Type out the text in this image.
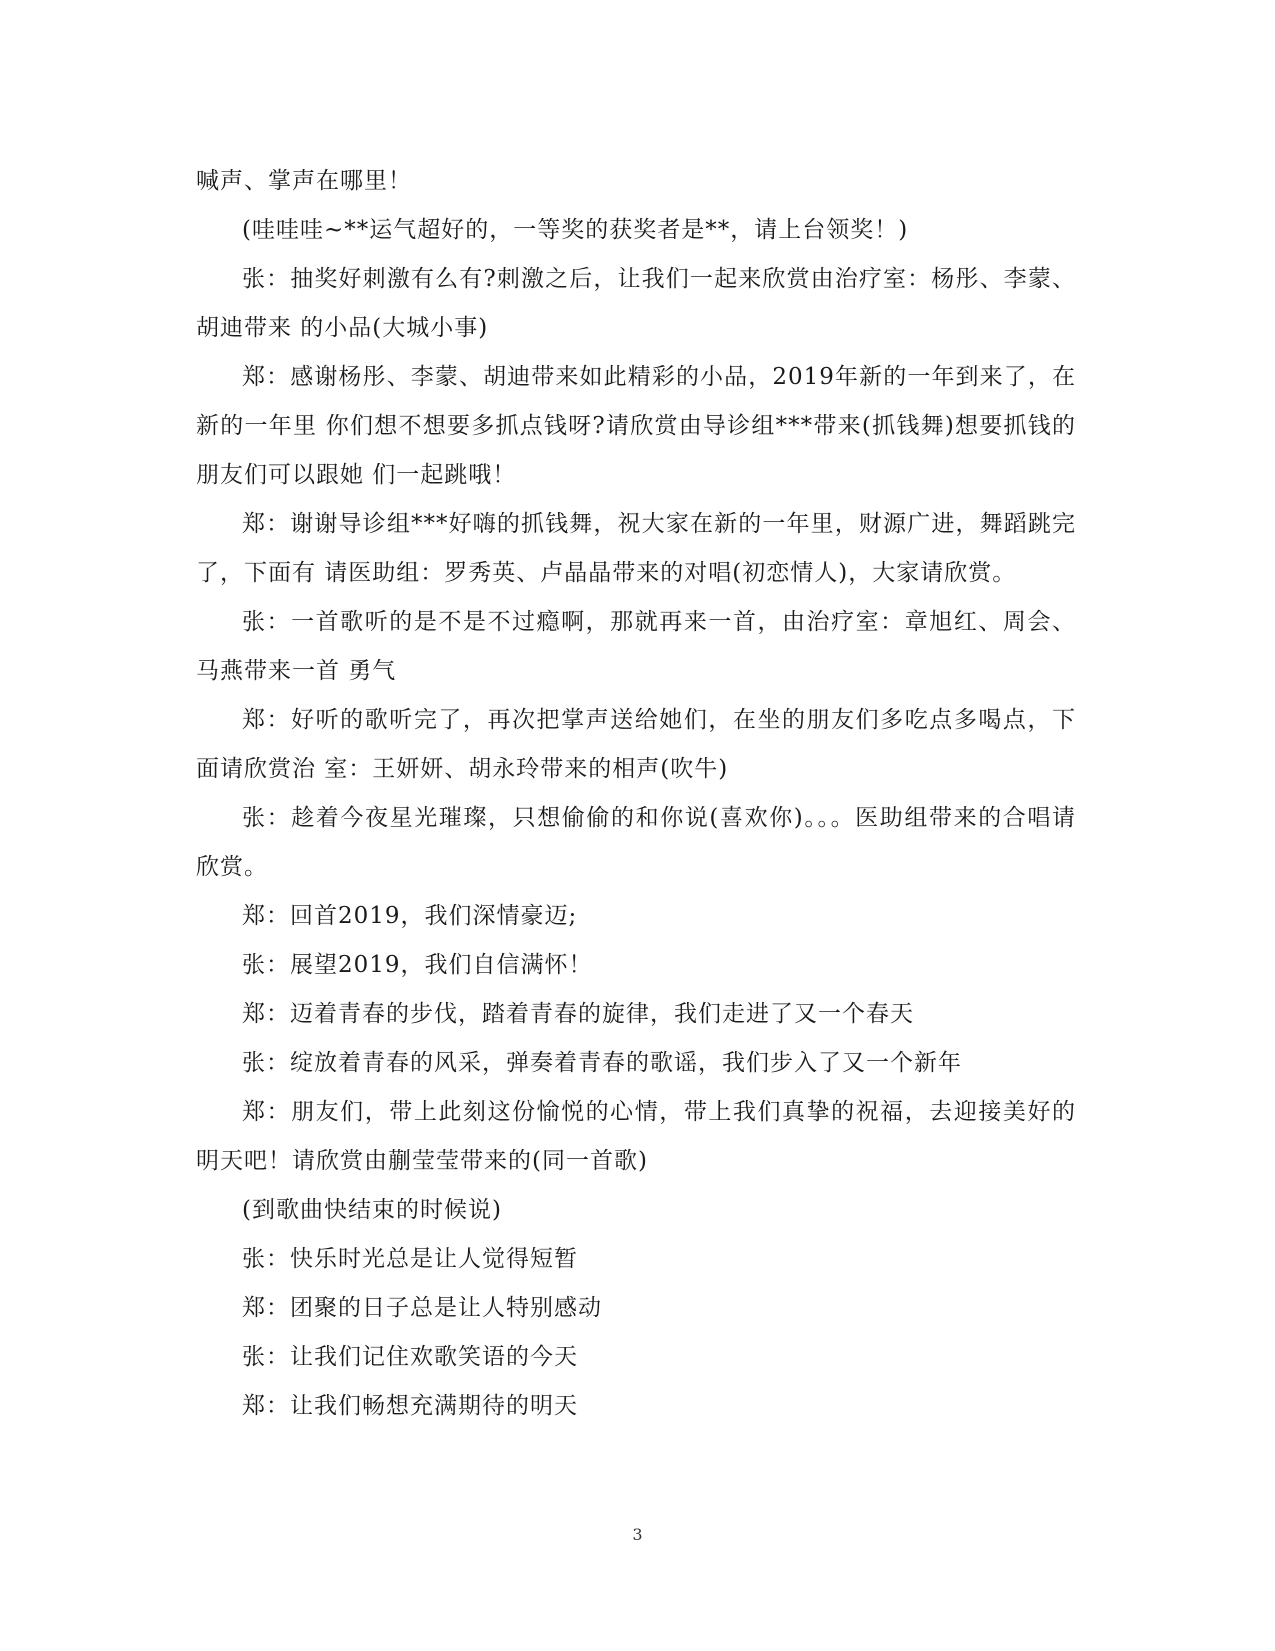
喊声、掌声在哪里！

(哇哇哇~**运气超好的，一等奖的获奖者是**，请上台领奖！)

张：抽奖好刺激有么有?刺激之后，让我们一起来欣赏由治疗室：杨彤、李蒙、胡迪带来 的小品(大城小事)

郑：感谢杨彤、李蒙、胡迪带来如此精彩的小品，2019年新的一年到来了，在新的一年里 你们想不想要多抓点钱呀?请欣赏由导诊组***带来(抓钱舞)想要抓钱的朋友们可以跟她 们一起跳哦！

郑：谢谢导诊组***好嗨的抓钱舞，祝大家在新的一年里，财源广进，舞蹈跳完了，下面有 请医助组：罗秀英、卢晶晶带来的对唱(初恋情人)，大家请欣赏。

张：一首歌听的是不是不过瘾啊，那就再来一首，由治疗室：章旭红、周会、马燕带来一首 勇气

郑：好听的歌听完了，再次把掌声送给她们，在坐的朋友们多吃点多喝点，下面请欣赏治 室：王妍妍、胡永玲带来的相声(吹牛)

张：趁着今夜星光璀璨，只想偷偷的和你说(喜欢你)。。。医助组带来的合唱请欣赏。

郑：回首2019，我们深情豪迈;

张：展望2019，我们自信满怀！

郑：迈着青春的步伐，踏着青春的旋律，我们走进了又一个春天

张：绽放着青春的风采，弹奏着青春的歌谣，我们步入了又一个新年

郑：朋友们，带上此刻这份愉悦的心情，带上我们真挚的祝福，去迎接美好的明天吧！请欣赏由蒯莹莹带来的(同一首歌)

(到歌曲快结束的时候说)

张：快乐时光总是让人觉得短暂

郑：团聚的日子总是让人特别感动

张：让我们记住欢歌笑语的今天

郑：让我们畅想充满期待的明天

3
